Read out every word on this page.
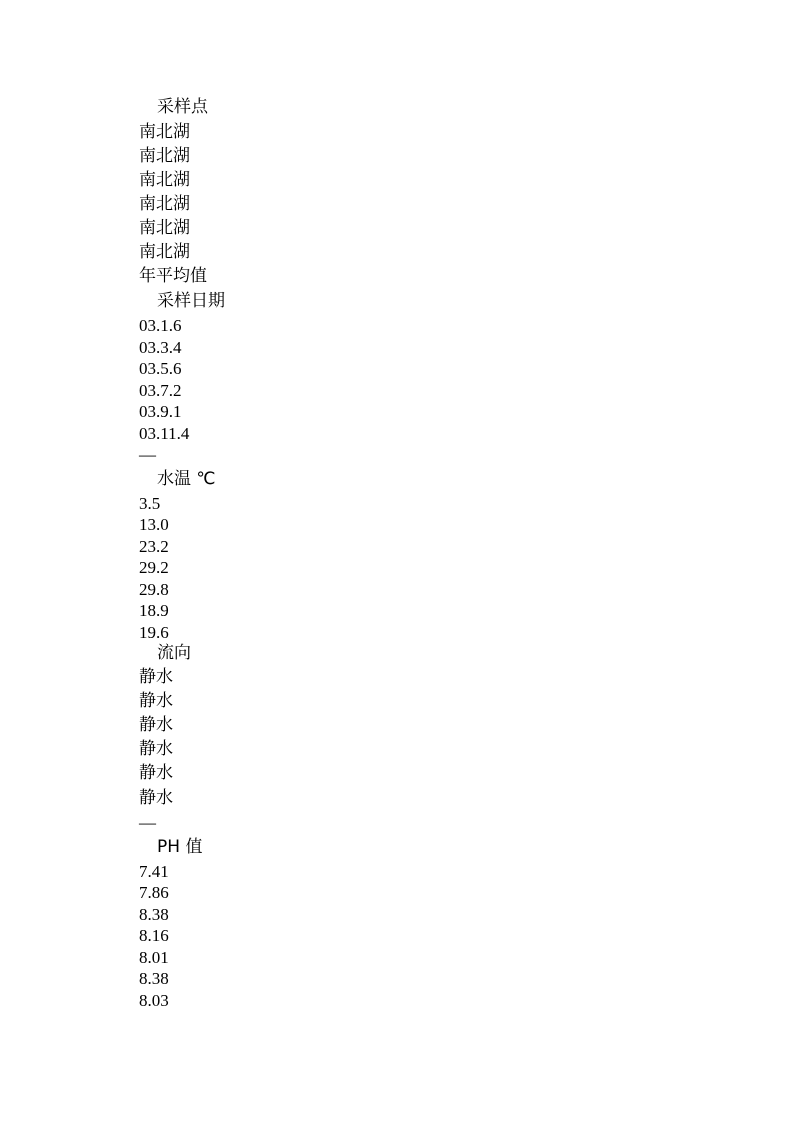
采样点
南北湖
南北湖
南北湖
南北湖
南北湖
南北湖
年平均值
采样日期
03.1.6
03.3.4
03.5.6
03.7.2
03.9.1
03.11.4
—
水温 ℃
3.5
13.0
23.2
29.2
29.8
18.9
19.6
流向
静水
静水
静水
静水
静水
静水
—
PH 值
7.41
7.86
8.38
8.16
8.01
8.38
8.03
